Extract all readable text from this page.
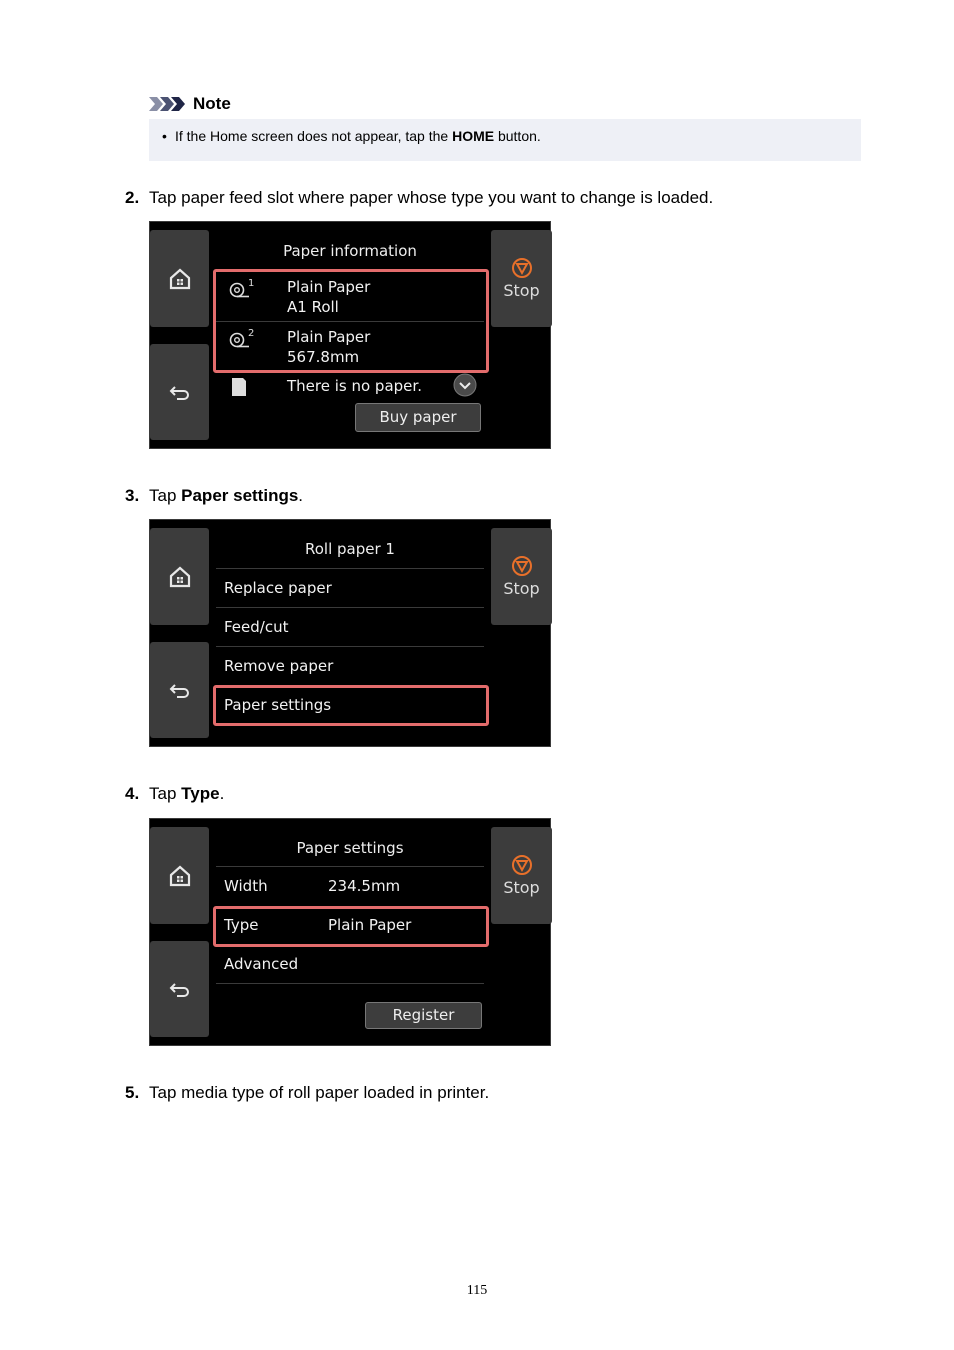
Note
• If the Home screen does not appear, tap the HOME button.
2. Tap paper feed slot where paper whose type you want to change is loaded.
Stop
Paper information
1 Plain Paper
A1 Roll
2 Plain Paper
567.8mm
There is no paper.
Buy paper
3. Tap Paper settings.
Stop
Roll paper 1
Replace paper
Feed/cut
Remove paper
Paper settings
4. Tap Type.
Stop
Paper settings
Width	234.5mm
Type	Plain Paper
Advanced
Register
5. Tap media type of roll paper loaded in printer.
115
